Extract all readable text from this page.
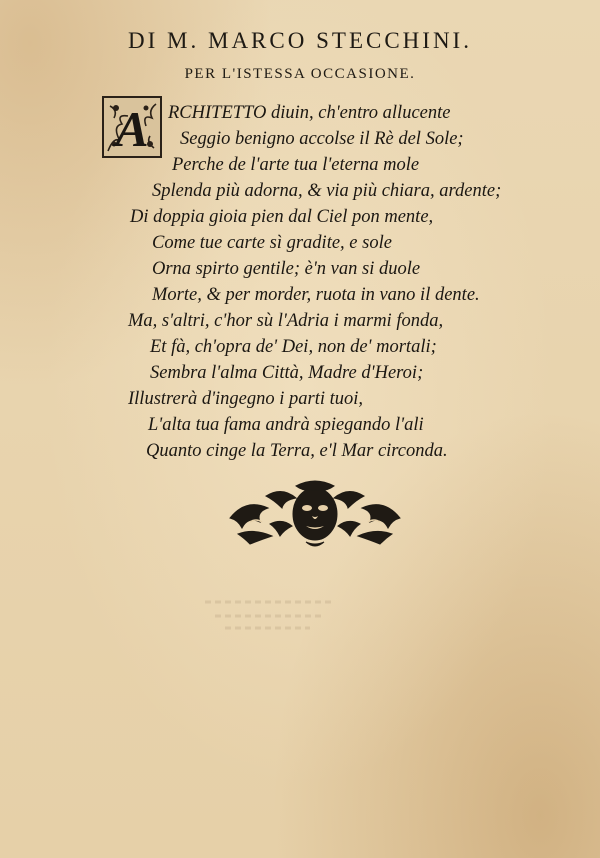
DI M. MARCO STECCHINI.
PER L'ISTESSA OCCASIONE.
A RCHITETTO diuin, ch'entro allucente
Seggio benigno accolse il Rè del Sole;
Perche de l'arte tua l'eterna mole
Splenda più adorna, & via più chiara, ardente;
Di doppia gioia pien dal Ciel pon mente,
Come tue carte sì gradite, e sole
Orna spirto gentile; è'n van si duole
Morte, & per morder, ruota in vano il dente.
Ma, s'altri, c'hor sù l'Adria i marmi fonda,
Et fà, ch'opra de' Dei, non de' mortali;
Sembra l'alma Città, Madre d'Heroi;
Illustrerà d'ingegno i parti tuoi,
L'alta tua fama andrà spiegando l'ali
Quanto cinge la Terra, e'l Mar circonda.
